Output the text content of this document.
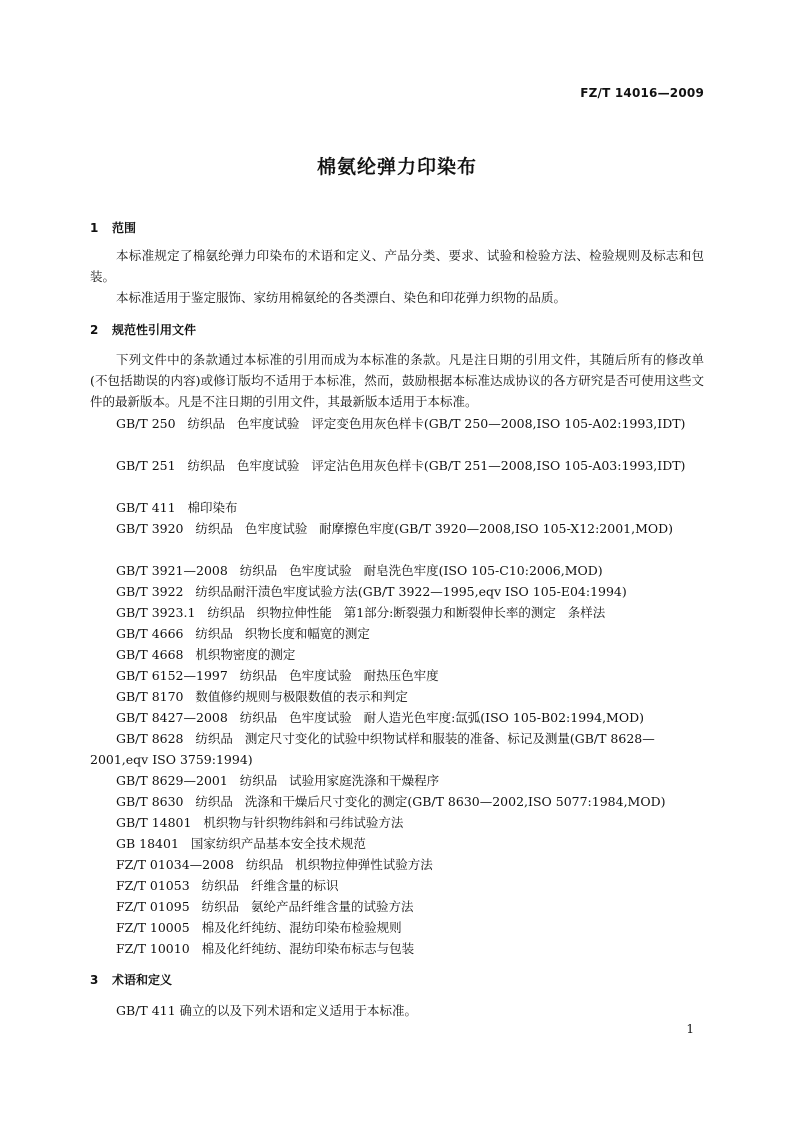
FZ/T 14016—2009
棉氨纶弹力印染布
1 范围
本标准规定了棉氨纶弹力印染布的术语和定义、产品分类、要求、试验和检验方法、检验规则及标志和包装。
本标准适用于鉴定服饰、家纺用棉氨纶的各类漂白、染色和印花弹力织物的品质。
2 规范性引用文件
下列文件中的条款通过本标准的引用而成为本标准的条款。凡是注日期的引用文件，其随后所有的修改单(不包括勘误的内容)或修订版均不适用于本标准，然而，鼓励根据本标准达成协议的各方研究是否可使用这些文件的最新版本。凡是不注日期的引用文件，其最新版本适用于本标准。
GB/T 250   纺织品   色牢度试验   评定变色用灰色样卡(GB/T 250—2008,ISO 105-A02:1993,IDT)
GB/T 251   纺织品   色牢度试验   评定沾色用灰色样卡(GB/T 251—2008,ISO 105-A03:1993,IDT)
GB/T 411   棉印染布
GB/T 3920   纺织品   色牢度试验   耐摩擦色牢度(GB/T 3920—2008,ISO 105-X12:2001,MOD)
GB/T 3921—2008   纺织品   色牢度试验   耐皂洗色牢度(ISO 105-C10:2006,MOD)
GB/T 3922   纺织品耐汗渍色牢度试验方法(GB/T 3922—1995,eqv ISO 105-E04:1994)
GB/T 3923.1   纺织品   织物拉伸性能   第1部分:断裂强力和断裂伸长率的测定   条样法
GB/T 4666   纺织品   织物长度和幅宽的测定
GB/T 4668   机织物密度的测定
GB/T 6152—1997   纺织品   色牢度试验   耐热压色牢度
GB/T 8170   数值修约规则与极限数值的表示和判定
GB/T 8427—2008   纺织品   色牢度试验   耐人造光色牢度:氙弧(ISO 105-B02:1994,MOD)
GB/T 8628   纺织品   测定尺寸变化的试验中织物试样和服装的准备、标记及测量(GB/T 8628—2001,eqv ISO 3759:1994)
GB/T 8629—2001   纺织品   试验用家庭洗涤和干燥程序
GB/T 8630   纺织品   洗涤和干燥后尺寸变化的测定(GB/T 8630—2002,ISO 5077:1984,MOD)
GB/T 14801   机织物与针织物纬斜和弓纬试验方法
GB 18401   国家纺织产品基本安全技术规范
FZ/T 01034—2008   纺织品   机织物拉伸弹性试验方法
FZ/T 01053   纺织品   纤维含量的标识
FZ/T 01095   纺织品   氨纶产品纤维含量的试验方法
FZ/T 10005   棉及化纤纯纺、混纺印染布检验规则
FZ/T 10010   棉及化纤纯纺、混纺印染布标志与包装
3 术语和定义
GB/T 411 确立的以及下列术语和定义适用于本标准。
1
